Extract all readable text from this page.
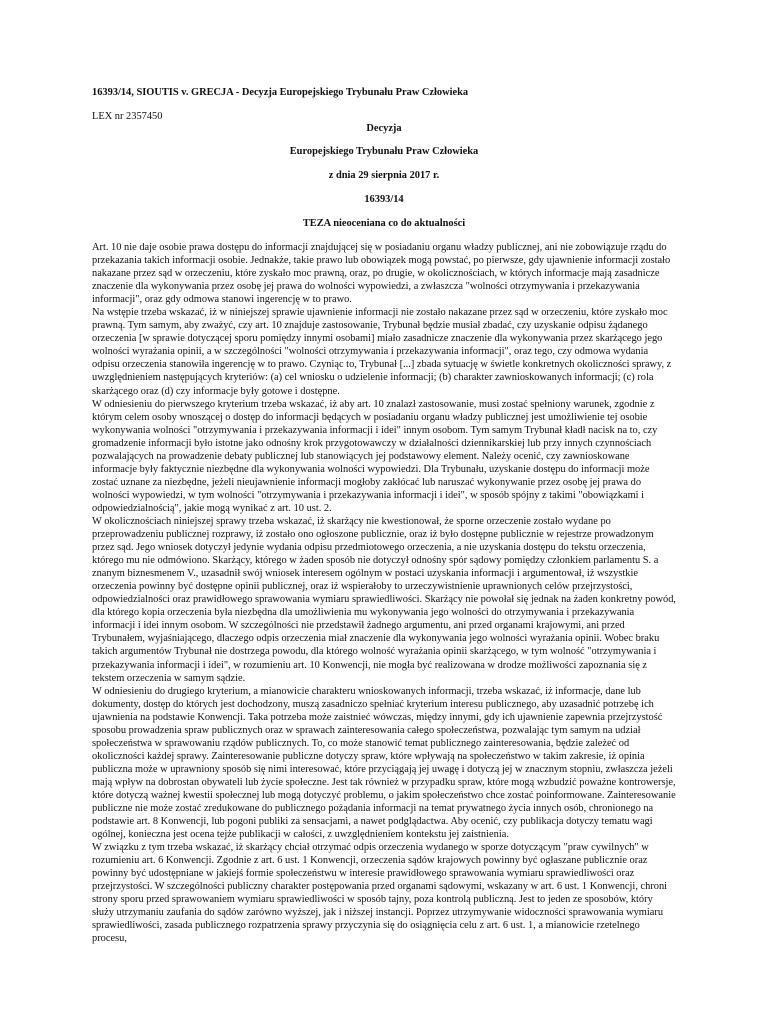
16393/14, SIOUTIS v. GRECJA - Decyzja Europejskiego Trybunału Praw Człowieka

LEX nr 2357450

Decyzja

Europejskiego Trybunału Praw Człowieka

z dnia 29 sierpnia 2017 r.

16393/14

TEZA nieoceniana co do aktualności

Art. 10 nie daje osobie prawa dostępu do informacji znajdującej się w posiadaniu organu władzy publicznej, ani nie zobowiązuje rządu do przekazania takich informacji osobie. Jednakże, takie prawo lub obowiązek mogą powstać, po pierwsze, gdy ujawnienie informacji zostało nakazane przez sąd w orzeczeniu, które zyskało moc prawną, oraz, po drugie, w okolicznościach, w których informacje mają zasadnicze znaczenie dla wykonywania przez osobę jej prawa do wolności wypowiedzi, a zwłaszcza "wolności otrzymywania i przekazywania informacji", oraz gdy odmowa stanowi ingerencję w to prawo.

Na wstępie trzeba wskazać, iż w niniejszej sprawie ujawnienie informacji nie zostało nakazane przez sąd w orzeczeniu, które zyskało moc prawną. Tym samym, aby zważyć, czy art. 10 znajduje zastosowanie, Trybunał będzie musiał zbadać, czy uzyskanie odpisu żądanego orzeczenia [w sprawie dotyczącej sporu pomiędzy innymi osobami] miało zasadnicze znaczenie dla wykonywania przez skarżącego jego wolności wyrażania opinii, a w szczególności "wolności otrzymywania i przekazywania informacji", oraz tego, czy odmowa wydania odpisu orzeczenia stanowiła ingerencję w to prawo. Czyniąc to, Trybunał [...] zbada sytuację w świetle konkretnych okoliczności sprawy, z uwzględnieniem następujących kryteriów: (a) cel wniosku o udzielenie informacji; (b) charakter zawnioskowanych informacji; (c) rola skarżącego oraz (d) czy informacje były gotowe i dostępne.

W odniesieniu do pierwszego kryterium trzeba wskazać, iż aby art. 10 znalazł zastosowanie, musi zostać spełniony warunek, zgodnie z którym celem osoby wnoszącej o dostęp do informacji będących w posiadaniu organu władzy publicznej jest umożliwienie tej osobie wykonywania wolności "otrzymywania i przekazywania informacji i idei" innym osobom. Tym samym Trybunał kładł nacisk na to, czy gromadzenie informacji było istotne jako odnośny krok przygotowawczy w działalności dziennikarskiej lub przy innych czynnościach pozwalających na prowadzenie debaty publicznej lub stanowiących jej podstawowy element. Należy ocenić, czy zawnioskowane informacje były faktycznie niezbędne dla wykonywania wolności wypowiedzi. Dla Trybunału, uzyskanie dostępu do informacji może zostać uznane za niezbędne, jeżeli nieujawnienie informacji mogłoby zakłócać lub naruszać wykonywanie przez osobę jej prawa do wolności wypowiedzi, w tym wolności "otrzymywania i przekazywania informacji i idei", w sposób spójny z takimi "obowiązkami i odpowiedzialnością", jakie mogą wynikać z art. 10 ust. 2.

W okolicznościach niniejszej sprawy trzeba wskazać, iż skarżący nie kwestionował, że sporne orzeczenie zostało wydane po przeprowadzeniu publicznej rozprawy, iż zostało ono ogłoszone publicznie, oraz iż było dostępne publicznie w rejestrze prowadzonym przez sąd. Jego wniosek dotyczył jedynie wydania odpisu przedmiotowego orzeczenia, a nie uzyskania dostępu do tekstu orzeczenia, którego mu nie odmówiono. Skarżący, którego w żaden sposób nie dotyczył odnośny spór sądowy pomiędzy członkiem parlamentu S. a znanym biznesmenem V., uzasadnił swój wniosek interesem ogólnym w postaci uzyskania informacji i argumentował, iż wszystkie orzeczenia powinny być dostępne opinii publicznej, oraz iż wspierałoby to urzeczywistnienie uprawnionych celów przejrzystości, odpowiedzialności oraz prawidłowego sprawowania wymiaru sprawiedliwości. Skarżący nie powołał się jednak na żaden konkretny powód, dla którego kopia orzeczenia była niezbędna dla umożliwienia mu wykonywania jego wolności do otrzymywania i przekazywania informacji i idei innym osobom. W szczególności nie przedstawił żadnego argumentu, ani przed organami krajowymi, ani przed Trybunałem, wyjaśniającego, dlaczego odpis orzeczenia miał znaczenie dla wykonywania jego wolności wyrażania opinii. Wobec braku takich argumentów Trybunał nie dostrzega powodu, dla którego wolność wyrażania opinii skarżącego, w tym wolność "otrzymywania i przekazywania informacji i idei", w rozumieniu art. 10 Konwencji, nie mogła być realizowana w drodze możliwości zapoznania się z tekstem orzeczenia w samym sądzie.

W odniesieniu do drugiego kryterium, a mianowicie charakteru wnioskowanych informacji, trzeba wskazać, iż informacje, dane lub dokumenty, dostęp do których jest dochodzony, muszą zasadniczo spełniać kryterium interesu publicznego, aby uzasadnić potrzebę ich ujawnienia na podstawie Konwencji. Taka potrzeba może zaistnieć wówczas, między innymi, gdy ich ujawnienie zapewnia przejrzystość sposobu prowadzenia spraw publicznych oraz w sprawach zainteresowania całego społeczeństwa, pozwalając tym samym na udział społeczeństwa w sprawowaniu rządów publicznych. To, co może stanowić temat publicznego zainteresowania, będzie zależeć od okoliczności każdej sprawy. Zainteresowanie publiczne dotyczy spraw, które wpływają na społeczeństwo w takim zakresie, iż opinia publiczna może w uprawniony sposób się nimi interesować, które przyciągają jej uwagę i dotyczą jej w znacznym stopniu, zwłaszcza jeżeli mają wpływ na dobrostan obywateli lub życie społeczne. Jest tak również w przypadku spraw, które mogą wzbudzić poważne kontrowersje, które dotyczą ważnej kwestii społecznej lub mogą dotyczyć problemu, o jakim społeczeństwo chce zostać poinformowane. Zainteresowanie publiczne nie może zostać zredukowane do publicznego pożądania informacji na temat prywatnego życia innych osób, chronionego na podstawie art. 8 Konwencji, lub pogoni publiki za sensacjami, a nawet podglądactwa. Aby ocenić, czy publikacja dotyczy tematu wagi ogólnej, konieczna jest ocena tejże publikacji w całości, z uwzględnieniem kontekstu jej zaistnienia.

W związku z tym trzeba wskazać, iż skarżący chciał otrzymać odpis orzeczenia wydanego w sporze dotyczącym "praw cywilnych" w rozumieniu art. 6 Konwencji. Zgodnie z art. 6 ust. 1 Konwencji, orzeczenia sądów krajowych powinny być ogłaszane publicznie oraz powinny być udostępniane w jakiejś formie społeczeństwu w interesie prawidłowego sprawowania wymiaru sprawiedliwości oraz przejrzystości. W szczególności publiczny charakter postępowania przed organami sądowymi, wskazany w art. 6 ust. 1 Konwencji, chroni strony sporu przed sprawowaniem wymiaru sprawiedliwości w sposób tajny, poza kontrolą publiczną. Jest to jeden ze sposobów, który służy utrzymaniu zaufania do sądów zarówno wyższej, jak i niższej instancji. Poprzez utrzymywanie widoczności sprawowania wymiaru sprawiedliwości, zasada publicznego rozpatrzenia sprawy przyczynia się do osiągnięcia celu z art. 6 ust. 1, a mianowicie rzetelnego procesu,
